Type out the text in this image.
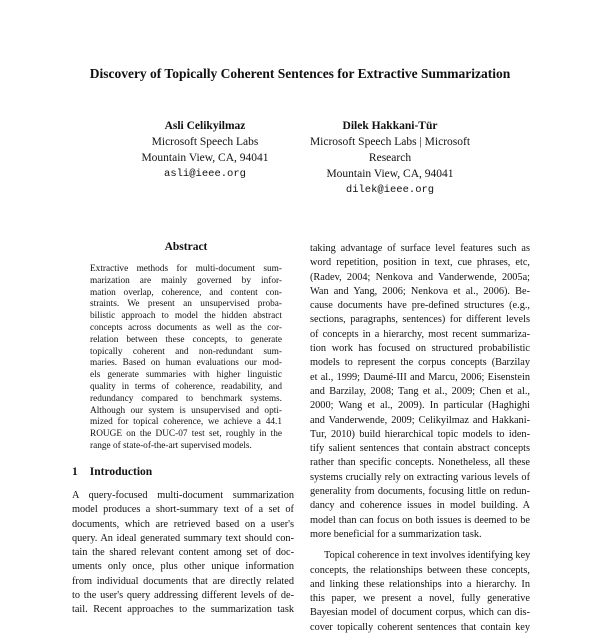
Discovery of Topically Coherent Sentences for Extractive Summarization
Asli Celikyilmaz
Microsoft Speech Labs
Mountain View, CA, 94041
asli@ieee.org
Dilek Hakkani-Tür
Microsoft Speech Labs | Microsoft Research
Mountain View, CA, 94041
dilek@ieee.org
Abstract
Extractive methods for multi-document sum-
marization are mainly governed by infor-
mation overlap, coherence, and content con-
straints. We present an unsupervised proba-
bilistic approach to model the hidden abstract
concepts across documents as well as the cor-
relation between these concepts, to generate
topically coherent and non-redundant sum-
maries. Based on human evaluations our mod-
els generate summaries with higher linguistic
quality in terms of coherence, readability, and
redundancy compared to benchmark systems.
Although our system is unsupervised and opti-
mized for topical coherence, we achieve a 44.1
ROUGE on the DUC-07 test set, roughly in the
range of state-of-the-art supervised models.
1 Introduction
A query-focused multi-document summarization
model produces a short-summary text of a set of
documents, which are retrieved based on a user's
query. An ideal generated summary text should con-
tain the shared relevant content among set of doc-
uments only once, plus other unique information
from individual documents that are directly related
to the user's query addressing different levels of de-
tail. Recent approaches to the summarization task
taking advantage of surface level features such as
word repetition, position in text, cue phrases, etc,
(Radev, 2004; Nenkova and Vanderwende, 2005a;
Wan and Yang, 2006; Nenkova et al., 2006). Be-
cause documents have pre-defined structures (e.g.,
sections, paragraphs, sentences) for different levels
of concepts in a hierarchy, most recent summariza-
tion work has focused on structured probabilistic
models to represent the corpus concepts (Barzilay
et al., 1999; Daumé-III and Marcu, 2006; Eisenstein
and Barzilay, 2008; Tang et al., 2009; Chen et al.,
2000; Wang et al., 2009). In particular (Haghighi
and Vanderwende, 2009; Celikyilmaz and Hakkani-
Tur, 2010) build hierarchical topic models to iden-
tify salient sentences that contain abstract concepts
rather than specific concepts. Nonetheless, all these
systems crucially rely on extracting various levels of
generality from documents, focusing little on redun-
dancy and coherence issues in model building. A
model than can focus on both issues is deemed to be
more beneficial for a summarization task.
Topical coherence in text involves identifying key
concepts, the relationships between these concepts,
and linking these relationships into a hierarchy. In
this paper, we present a novel, fully generative
Bayesian model of document corpus, which can dis-
cover topically coherent sentences that contain key
